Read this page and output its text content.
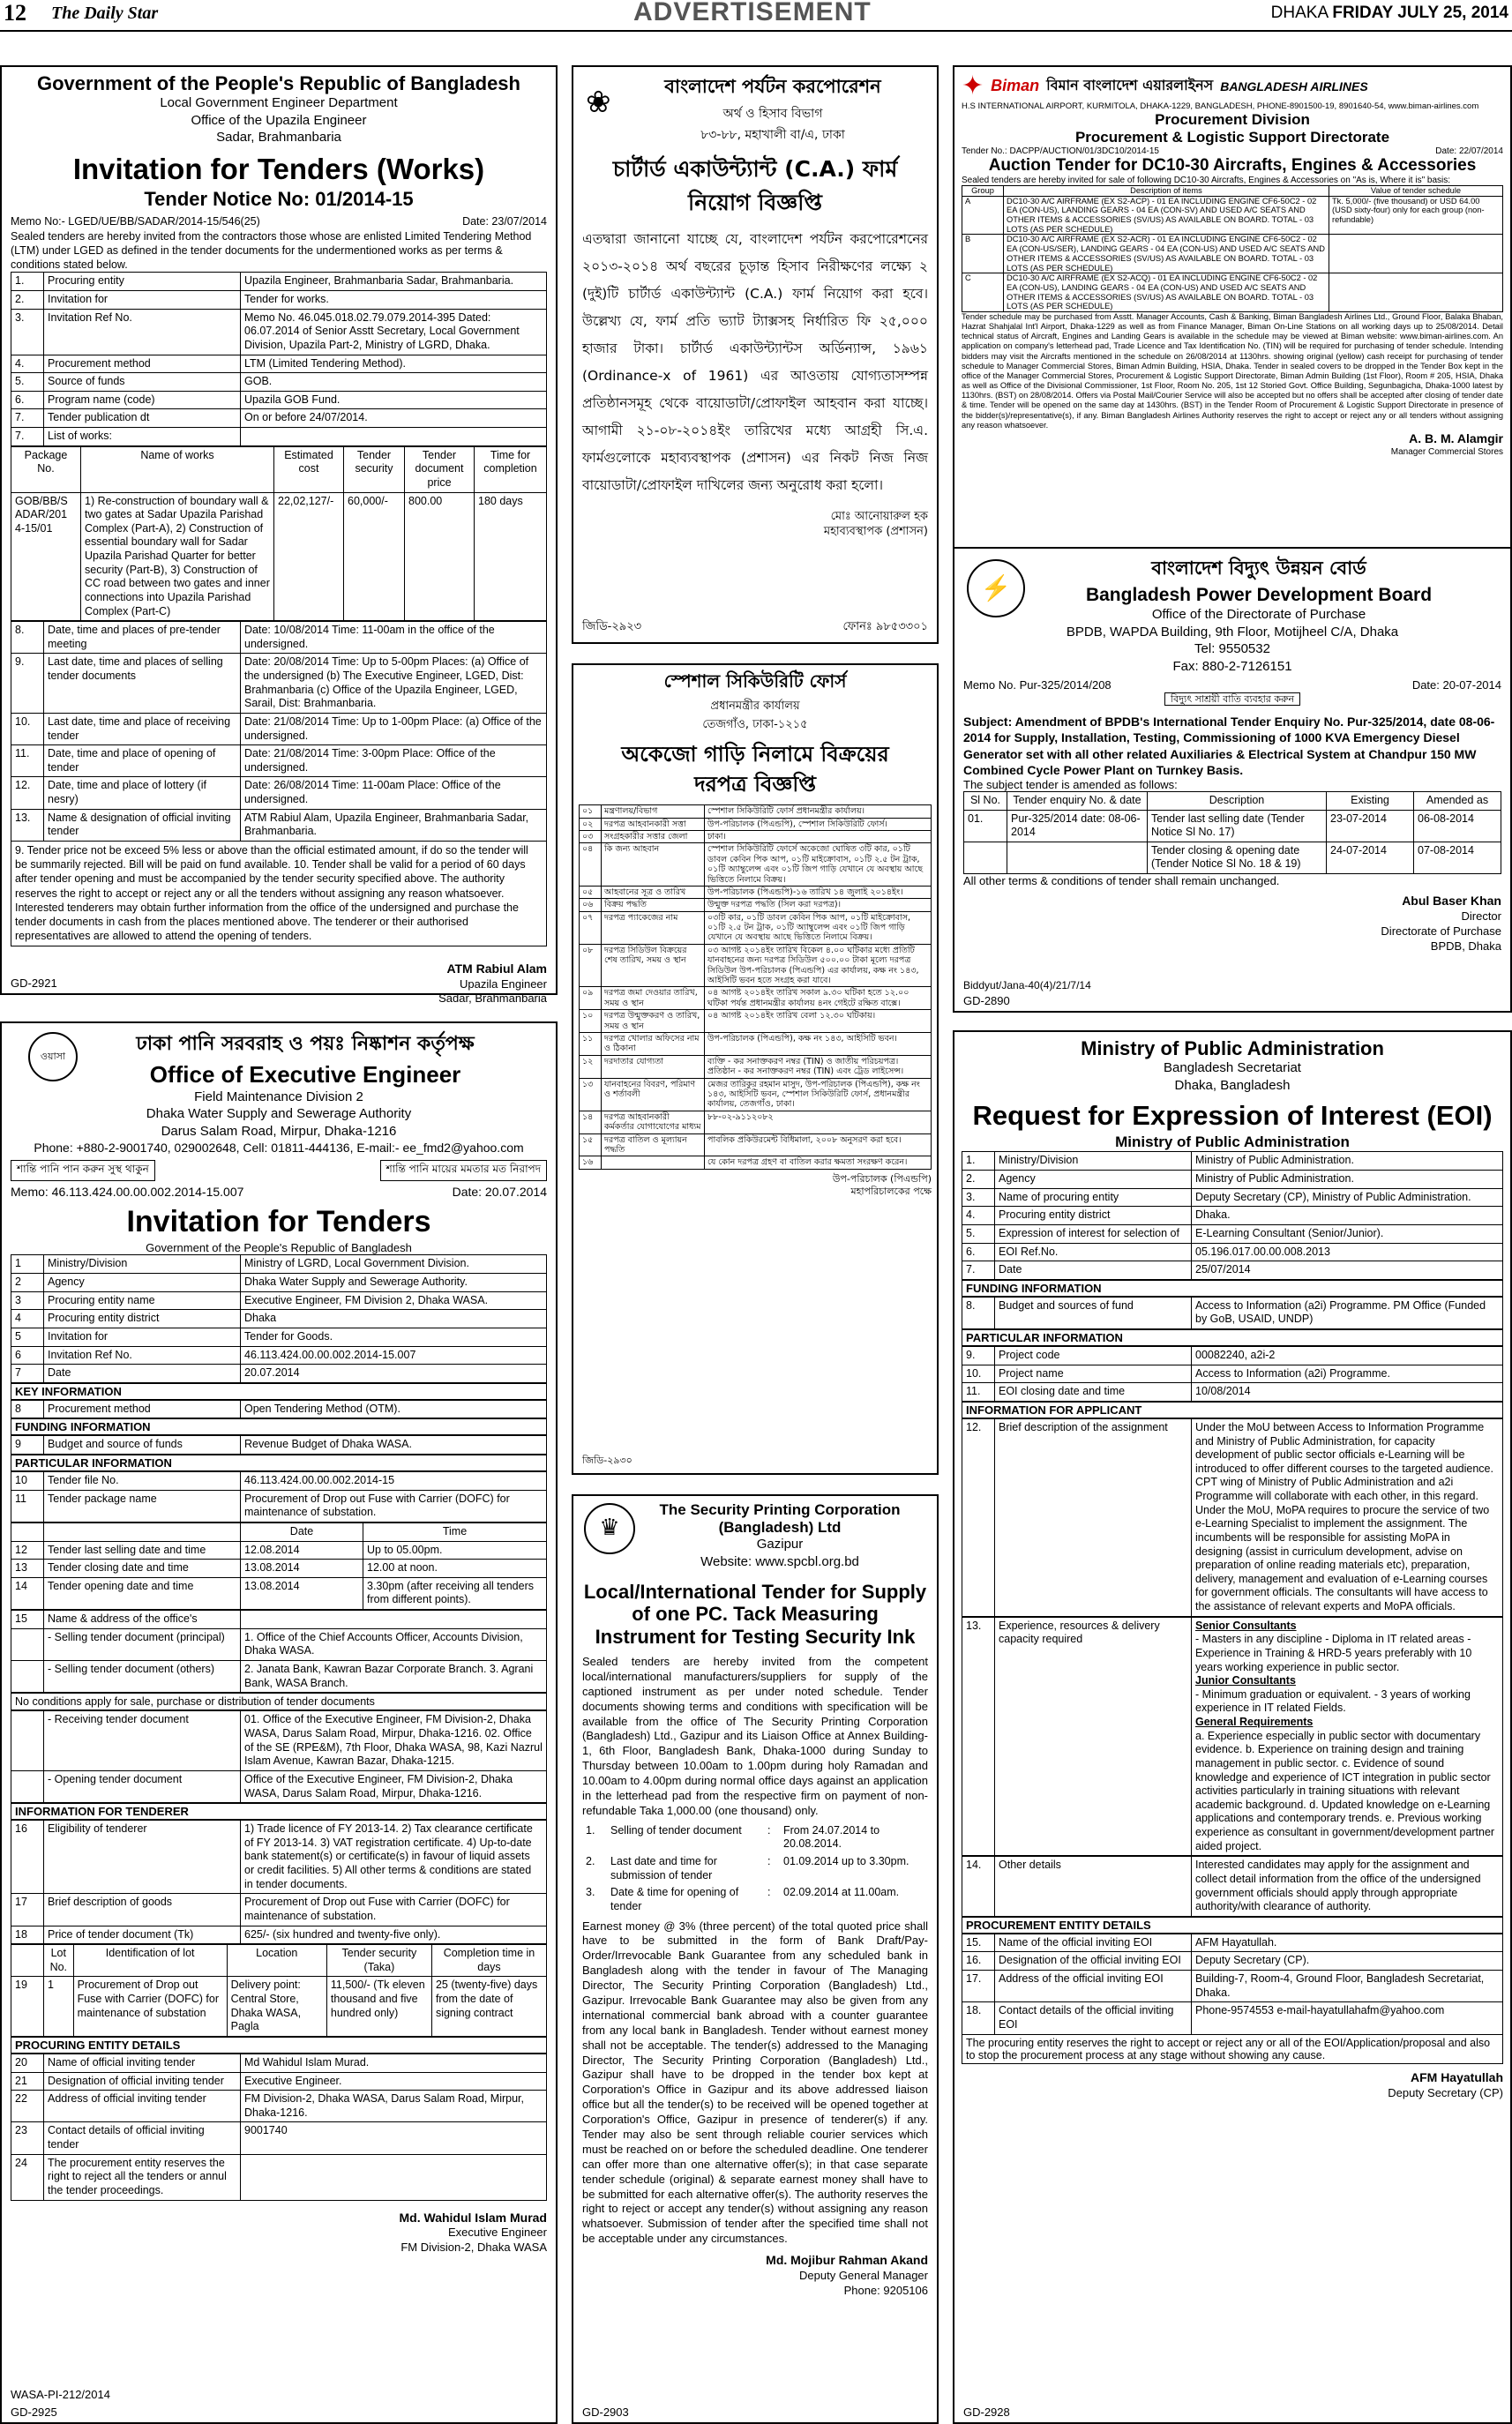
12 The Daily Star	ADVERTISEMENT	DHAKA FRIDAY JULY 25, 2014
Government of the People's Republic of Bangladesh
Local Government Engineer Department
Office of the Upazila Engineer
Sadar, Brahmanbaria
Invitation for Tenders (Works)
Tender Notice No: 01/2014-15
Memo No:- LGED/UE/BB/SADAR/2014-15/546(25)	Date: 23/07/2014
Sealed tenders are hereby invited from the contractors those whose are enlisted Limited Tendering Method (LTM) under LGED as defined in the tender documents for the undermentioned works as per terms & conditions stated below.
1.	Procuring entity	Upazila Engineer, Brahmanbaria Sadar, Brahmanbaria.
2.	Invitation for	Tender for works.
3.	Invitation Ref No.	Memo No. 46.045.018.02.79.079.2014-395 Dated: 06.07.2014 of Senior Asstt Secretary, Local Government Division, Upazila Part-2, Ministry of LGRD, Dhaka.
4.	Procurement method	LTM (Limited Tendering Method).
5.	Source of funds	GOB.
6.	Program name (code)	Upazila GOB Fund.
7.	Tender publication dt	On or before 24/07/2014.
7.	List of works:	
Package No.	Name of works	Estimated cost	Tender security	Tender document price	Time for completion
GOB/BB/S ADAR/201 4-15/01	1) Re-construction of boundary wall & two gates at Sadar Upazila Parishad Complex (Part-A), 2) Construction of essential boundary wall for Sadar Upazila Parishad Quarter for better security (Part-B), 3) Construction of CC road between two gates and inner connections into Upazila Parishad Complex (Part-C)	22,02,127/-	60,000/-	800.00	180 days
8.	Date, time and places of pre-tender meeting	Date: 10/08/2014 Time: 11-00am in the office of the undersigned.
9.	Last date, time and places of selling tender documents	Date: 20/08/2014 Time: Up to 5-00pm Places: (a) Office of the undersigned (b) The Executive Engineer, LGED, Dist: Brahmanbaria (c) Office of the Upazila Engineer, LGED, Sarail, Dist: Brahmanbaria.
10.	Last date, time and place of receiving tender	Date: 21/08/2014 Time: Up to 1-00pm Place: (a) Office of the undersigned.
11.	Date, time and place of opening of tender	Date: 21/08/2014 Time: 3-00pm Place: Office of the undersigned.
12.	Date, time and place of lottery (if nesry)	Date: 26/08/2014 Time: 11-00am Place: Office of the undersigned.
13.	Name & designation of official inviting tender	ATM Rabiul Alam, Upazila Engineer, Brahmanbaria Sadar, Brahmanbaria.
9. Tender price not be exceed 5% less or above than the official estimated amount, if do so the tender will be summarily rejected. Bill will be paid on fund available. 10. Tender shall be valid for a period of 60 days after tender opening and must be accompanied by the tender security specified above. The authority reserves the right to accept or reject any or all the tenders without assigning any reason whatsoever. Interested tenderers may obtain further information from the office of the undersigned and purchase the tender documents in cash from the places mentioned above. The tenderer or their authorised representatives are allowed to attend the opening of tenders.
ATM Rabiul Alam
Upazila Engineer
Sadar, Brahmanbaria
GD-2921
ওয়াসা
ঢাকা পানি সরবরাহ ও পয়ঃ নিষ্কাশন কর্তৃপক্ষ
Office of Executive Engineer
Field Maintenance Division 2
Dhaka Water Supply and Sewerage Authority
Darus Salam Road, Mirpur, Dhaka-1216
Phone: +880-2-9001740, 029002648, Cell: 01811-444136, E-mail:- ee_fmd2@yahoo.com
শান্তি পানি পান করুন সুস্থ থাকুন	শান্তি পানি মায়ের মমতার মত নিরাপদ
Memo: 46.113.424.00.00.002.2014-15.007	Date: 20.07.2014
Invitation for Tenders
Government of the People's Republic of Bangladesh
1	Ministry/Division	Ministry of LGRD, Local Government Division.
2	Agency	Dhaka Water Supply and Sewerage Authority.
3	Procuring entity name	Executive Engineer, FM Division 2, Dhaka WASA.
4	Procuring entity district	Dhaka
5	Invitation for	Tender for Goods.
6	Invitation Ref No.	46.113.424.00.00.002.2014-15.007
7	Date	20.07.2014
KEY INFORMATION
8	Procurement method	Open Tendering Method (OTM).
FUNDING INFORMATION
9	Budget and source of funds	Revenue Budget of Dhaka WASA.
PARTICULAR INFORMATION
10	Tender file No.	46.113.424.00.00.002.2014-15
11	Tender package name	Procurement of Drop out Fuse with Carrier (DOFC) for maintenance of substation.
		Date	Time
12	Tender last selling date and time	12.08.2014	Up to 05.00pm.
13	Tender closing date and time	13.08.2014	12.00 at noon.
14	Tender opening date and time	13.08.2014	3.30pm (after receiving all tenders from different points).
15	Name & address of the office's	
	- Selling tender document (principal)	1. Office of the Chief Accounts Officer, Accounts Division, Dhaka WASA.
	- Selling tender document (others)	2. Janata Bank, Kawran Bazar Corporate Branch. 3. Agrani Bank, WASA Branch.
No conditions apply for sale, purchase or distribution of tender documents
	- Receiving tender document	01. Office of the Executive Engineer, FM Division-2, Dhaka WASA, Darus Salam Road, Mirpur, Dhaka-1216. 02. Office of the SE (RPE&M), 7th Floor, Dhaka WASA, 98, Kazi Nazrul Islam Avenue, Kawran Bazar, Dhaka-1215.
	- Opening tender document	Office of the Executive Engineer, FM Division-2, Dhaka WASA, Darus Salam Road, Mirpur, Dhaka-1216.
INFORMATION FOR TENDERER
16	Eligibility of tenderer	1) Trade licence of FY 2013-14. 2) Tax clearance certificate of FY 2013-14. 3) VAT registration certificate. 4) Up-to-date bank statement(s) or certificate(s) in favour of liquid assets or credit facilities. 5) All other terms & conditions are stated in tender documents.
17	Brief description of goods	Procurement of Drop out Fuse with Carrier (DOFC) for maintenance of substation.
18	Price of tender document (Tk)	625/- (six hundred and twenty-five only).
	Lot No.	Identification of lot	Location	Tender security (Taka)	Completion time in days
19	1	Procurement of Drop out Fuse with Carrier (DOFC) for maintenance of substation	Delivery point: Central Store, Dhaka WASA, Pagla	11,500/- (Tk eleven thousand and five hundred only)	25 (twenty-five) days from the date of signing contract
PROCURING ENTITY DETAILS
20	Name of official inviting tender	Md Wahidul Islam Murad.
21	Designation of official inviting tender	Executive Engineer.
22	Address of official inviting tender	FM Division-2, Dhaka WASA, Darus Salam Road, Mirpur, Dhaka-1216.
23	Contact details of official inviting tender	9001740
24	The procurement entity reserves the right to reject all the tenders or annul the tender proceedings.	
Md. Wahidul Islam Murad
Executive Engineer
FM Division-2, Dhaka WASA
WASA-PI-212/2014
GD-2925
❀	বাংলাদেশ পর্যটন করপোরেশন
অর্থ ও হিসাব বিভাগ
৮৩-৮৮, মহাখালী বা/এ, ঢাকা
চার্টার্ড একাউন্ট্যান্ট (C.A.) ফার্ম নিয়োগ বিজ্ঞপ্তি
এতদ্বারা জানানো যাচ্ছে যে, বাংলাদেশ পর্যটন করপোরেশনের ২০১৩-২০১৪ অর্থ বছরের চূড়ান্ত হিসাব নিরীক্ষণের লক্ষ্যে ২ (দুই)টি চার্টার্ড একাউন্ট্যান্ট (C.A.) ফার্ম নিয়োগ করা হবে। উল্লেখ্য যে, ফার্ম প্রতি ভ্যাট ট্যাক্সসহ নির্ধারিত ফি ২৫,০০০ হাজার টাকা। চার্টার্ড একাউন্ট্যান্টস অর্ডিন্যান্স, ১৯৬১ (Ordinance-x of 1961) এর আওতায় যোগ্যতাসম্পন্ন প্রতিষ্ঠানসমূহ থেকে বায়োডাটা/প্রোফাইল আহবান করা যাচ্ছে। আগামী ২১-০৮-২০১৪ইং তারিখের মধ্যে আগ্রহী সি.এ. ফার্মগুলোকে মহাব্যবস্থাপক (প্রশাসন) এর নিকট নিজ নিজ বায়োডাটা/প্রোফাইল দাখিলের জন্য অনুরোধ করা হলো।
মোঃ আনোয়ারুল হক
মহাব্যবস্থাপক (প্রশাসন)
জিডি-২৯২৩	ফোনঃ ৯৮৫৩৩০১
স্পেশাল সিকিউরিটি ফোর্স
প্রধানমন্ত্রীর কার্যালয়
তেজগাঁও, ঢাকা-১২১৫
অকেজো গাড়ি নিলামে বিক্রয়ের দরপত্র বিজ্ঞপ্তি
০১	মন্ত্রণালয়/বিভাগ	স্পেশাল সিকিউরিটি ফোর্স প্রধানমন্ত্রীর কার্যালয়।
০২	দরপত্র আহবানকারী সত্তা	উপ-পরিচালক (পিএন্ডপি), স্পেশাল সিকিউরিটি ফোর্স।
০৩	সংগ্রহকারীর সত্তার জেলা	ঢাকা।
০৪	কি জন্য আহবান	স্পেশাল সিকিউরিটি ফোর্সে অকেজো ঘোষিত ৩টি কার, ০১টি ডাবল কেবিন পিক আপ, ০১টি মাইক্রোবাস, ০১টি ২.৫ টন ট্রাক, ০১টি অ্যাম্বুলেন্স এবং ০১টি জিপ গাড়ি যেখানে যে অবস্থায় আছে ভিত্তিতে নিলামে বিক্রয়।
০৫	আহবানের সূত্র ও তারিখ	উপ-পরিচালক (পিএন্ডপি)-১৬ তারিখ ১৪ জুলাই ২০১৪ইং।
০৬	বিক্রয় পদ্ধতি	উন্মুক্ত দরপত্র পদ্ধতি (সিল করা দরপত্র)।
০৭	দরপত্র প্যাকেজের নাম	০৩টি কার, ০১টি ডাবল কেবিন পিক আপ, ০১টি মাইক্রোবাস, ০১টি ২.৫ টন ট্রাক, ০১টি অ্যাম্বুলেন্স এবং ০১টি জিপ গাড়ি যেখানে যে অবস্থায় আছে ভিত্তিতে নিলামে বিক্রয়।
০৮	দরপত্র সিডিউল বিক্রয়ের শেষ তারিখ, সময় ও স্থান	০৩ আগষ্ট ২০১৪ইং তারিখ বিকেল ৪.০০ ঘটিকার মধ্যে প্রতিটি যানবাহনের জন্য দরপত্র সিডিউল ৫০০.০০ টাকা মূল্যে দরপত্র সিডিউল উপ-পরিচালক (পিএন্ডপি) এর কার্যালয়, কক্ষ নং ১৪৩, আইসিটি ভবন হতে সংগ্রহ করা যাবে।
০৯	দরপত্র জমা দেওয়ার তারিখ, সময় ও স্থান	০৪ আগষ্ট ২০১৪ইং তারিখ সকাল ৯.৩০ ঘটিকা হতে ১২.০০ ঘটিকা পর্যন্ত প্রধানমন্ত্রীর কার্যালয় ৪নং গেইটে রক্ষিত বাক্সে।
১০	দরপত্র উন্মুক্তকরণ ও তারিখ, সময় ও স্থান	০৪ আগষ্ট ২০১৪ইং তারিখ বেলা ১২.৩০ ঘটিকায়।
১১	দরপত্র খোলার অফিসের নাম ও ঠিকানা	উপ-পরিচালক (পিএন্ডপি), কক্ষ নং ১৪৩, আইসিটি ভবন।
১২	দরদাতার যোগ্যতা	ব্যক্তি - কর সনাক্তকরণ নম্বর (TIN) ও জাতীয় পরিচয়পত্র। প্রতিষ্ঠান - কর সনাক্তকরণ নম্বর (TIN) এবং ট্রেড লাইসেন্স।
১৩	যানবাহনের বিবরণ, পরিমাণ ও শর্তাবলী	মেজর তারিকুর রহমান মাসুদ, উপ-পরিচালক (পিএন্ডপি), কক্ষ নং ১৪৩, আইসিটি ভবন, স্পেশাল সিকিউরিটি ফোর্স, প্রধানমন্ত্রীর কার্যালয়, তেজগাঁও, ঢাকা।
১৪	দরপত্র আহবানকারী কর্মকর্তার যোগাযোগের মাধ্যম	৮৮-০২-৯১১২০৮২
১৫	দরপত্র বাতিল ও মূল্যায়ন পদ্ধতি	পাবলিক প্রকিউরমেন্ট বিধিমালা, ২০০৮ অনুসরণ করা হবে।
১৬		যে কোন দরপত্র গ্রহণ বা বাতিল করার ক্ষমতা সংরক্ষণ করেন।
উপ-পরিচালক (পিএন্ডপি)
মহাপরিচালকের পক্ষে
জিডি-২৯৩০
♛
The Security Printing Corporation (Bangladesh) Ltd
Gazipur
Website: www.spcbl.org.bd
Local/International Tender for Supply of one PC. Tack Measuring Instrument for Testing Security Ink
Sealed tenders are hereby invited from the competent local/international manufacturers/suppliers for supply of the captioned instrument as per under noted schedule. Tender documents showing terms and conditions with specification will be available from the office of The Security Printing Corporation (Bangladesh) Ltd., Gazipur and its Liaison Office at Annex Building-1, 6th Floor, Bangladesh Bank, Dhaka-1000 during Sunday to Thursday between 10.00am to 1.00pm during holy Ramadan and 10.00am to 4.00pm during normal office days against an application in the letterhead pad from the respective firm on payment of non-refundable Taka 1,000.00 (one thousand) only.
1.	Selling of tender document	:	From 24.07.2014 to 20.08.2014.
2.	Last date and time for submission of tender	:	01.09.2014 up to 3.30pm.
3.	Date & time for opening of tender	:	02.09.2014 at 11.00am.
Earnest money @ 3% (three percent) of the total quoted price shall have to be submitted in the form of Bank Draft/Pay-Order/Irrevocable Bank Guarantee from any scheduled bank in Bangladesh along with the tender in favour of The Managing Director, The Security Printing Corporation (Bangladesh) Ltd., Gazipur. Irrevocable Bank Guarantee may also be given from any international commercial bank abroad with a counter guarantee from any local bank in Bangladesh. Tender without earnest money shall not be acceptable. The tender(s) addressed to the Managing Director, The Security Printing Corporation (Bangladesh) Ltd., Gazipur shall have to be dropped in the tender box kept at Corporation's Office in Gazipur and its above addressed liaison office but all the tender(s) to be received will be opened together at Corporation's Office, Gazipur in presence of tenderer(s) if any. Tender may also be sent through reliable courier services which must be reached on or before the scheduled deadline. One tenderer can offer more than one alternative offer(s); in that case separate tender schedule (original) & separate earnest money shall have to be submitted for each alternative offer(s). The authority reserves the right to reject or accept any tender(s) without assigning any reason whatsoever. Submission of tender after the specified time shall not be acceptable under any circumstances.
Md. Mojibur Rahman Akand
Deputy General Manager
Phone: 9205106
GD-2903
✦ Biman বিমান বাংলাদেশ এয়ারলাইনস BANGLADESH AIRLINES
H.S INTERNATIONAL AIRPORT, KURMITOLA, DHAKA-1229, BANGLADESH, PHONE-8901500-19, 8901640-54, www.biman-airlines.com
Procurement Division
Procurement & Logistic Support Directorate
Tender No.: DACPP/AUCTION/01/3DC10/2014-15	Date: 22/07/2014
Auction Tender for DC10-30 Aircrafts, Engines & Accessories
Sealed tenders are hereby invited for sale of following DC10-30 Aircrafts, Engines & Accessories on "As is, Where it is" basis:
Group	Description of items	Value of tender schedule
A	DC10-30 A/C AIRFRAME (EX S2-ACP) - 01 EA INCLUDING ENGINE CF6-50C2 - 02 EA (CON-US), LANDING GEARS - 04 EA (CON-SV) AND USED A/C SEATS AND OTHER ITEMS & ACCESSORIES (SV/US) AS AVAILABLE ON BOARD. TOTAL - 03 LOTS (AS PER SCHEDULE)	Tk. 5,000/- (five thousand) or USD 64.00 (USD sixty-four) only for each group (non-refundable)
B	DC10-30 A/C AIRFRAME (EX S2-ACR) - 01 EA INCLUDING ENGINE CF6-50C2 - 02 EA (CON-US/SER), LANDING GEARS - 04 EA (CON-US) AND USED A/C SEATS AND OTHER ITEMS & ACCESSORIES (SV/US) AS AVAILABLE ON BOARD. TOTAL - 03 LOTS (AS PER SCHEDULE)	
C	DC10-30 A/C AIRFRAME (EX S2-ACQ) - 01 EA INCLUDING ENGINE CF6-50C2 - 02 EA (CON-US), LANDING GEARS - 04 EA (CON-US) AND USED A/C SEATS AND OTHER ITEMS & ACCESSORIES (SV/US) AS AVAILABLE ON BOARD. TOTAL - 03 LOTS (AS PER SCHEDULE)	
Tender schedule may be purchased from Asstt. Manager Accounts, Cash & Banking, Biman Bangladesh Airlines Ltd., Ground Floor, Balaka Bhaban, Hazrat Shahjalal Int'l Airport, Dhaka-1229 as well as from Finance Manager, Biman On-Line Stations on all working days up to 25/08/2014. Detail technical status of Aircraft, Engines and Landing Gears is available in the schedule may be viewed at Biman website: www.biman-airlines.com. An application on company's letterhead pad, Trade Licence and Tax Identification No. (TIN) will be required for purchasing of tender schedule. Intending bidders may visit the Aircrafts mentioned in the schedule on 26/08/2014 at 1130hrs. showing original (yellow) cash receipt for purchasing of tender schedule to Manager Commercial Stores, Biman Admin Building, HSIA, Dhaka. Tender in sealed covers to be dropped in the Tender Box kept in the office of the Manager Commercial Stores, Procurement & Logistic Support Directorate, Biman Admin Building (1st Floor), Room # 205, HSIA, Dhaka as well as Office of the Divisional Commissioner, 1st Floor, Room No. 205, 1st 12 Storied Govt. Office Building, Segunbagicha, Dhaka-1000 latest by 1130hrs. (BST) on 28/08/2014. Offers via Postal Mail/Courier Service will also be accepted but no offers shall be accepted after closing of tender date & time. Tender will be opened on the same day at 1430hrs. (BST) in the Tender Room of Procurement & Logistic Support Directorate in presence of the bidder(s)/representative(s), if any. Biman Bangladesh Airlines Authority reserves the right to accept or reject any or all tenders without assigning any reason whatsoever.
A. B. M. Alamgir
Manager Commercial Stores
⚡
বাংলাদেশ বিদ্যুৎ উন্নয়ন বোর্ড
Bangladesh Power Development Board
Office of the Directorate of Purchase
BPDB, WAPDA Building, 9th Floor, Motijheel C/A, Dhaka
Tel: 9550532
Fax: 880-2-7126151
Memo No. Pur-325/2014/208	Date: 20-07-2014
বিদ্যুৎ সাশ্রয়ী বাতি ব্যবহার করুন
Subject: Amendment of BPDB's International Tender Enquiry No. Pur-325/2014, date 08-06-2014 for Supply, Installation, Testing, Commissioning of 1000 KVA Emergency Diesel Generator set with all other related Auxiliaries & Electrical System at Chandpur 150 MW Combined Cycle Power Plant on Turnkey Basis.
The subject tender is amended as follows:
Sl No.	Tender enquiry No. & date	Description	Existing	Amended as
01.	Pur-325/2014 date: 08-06-2014	Tender last selling date (Tender Notice Sl No. 17)	23-07-2014	06-08-2014
		Tender closing & opening date (Tender Notice Sl No. 18 & 19)	24-07-2014	07-08-2014
All other terms & conditions of tender shall remain unchanged.
Abul Baser Khan
Director
Directorate of Purchase
BPDB, Dhaka
Biddyut/Jana-40(4)/21/7/14
GD-2890
Ministry of Public Administration
Bangladesh Secretariat
Dhaka, Bangladesh
Request for Expression of Interest (EOI)
Ministry of Public Administration
1.	Ministry/Division	Ministry of Public Administration.
2.	Agency	Ministry of Public Administration.
3.	Name of procuring entity	Deputy Secretary (CP), Ministry of Public Administration.
4.	Procuring entity district	Dhaka.
5.	Expression of interest for selection of	E-Learning Consultant (Senior/Junior).
6.	EOI Ref.No.	05.196.017.00.00.008.2013
7.	Date	25/07/2014
FUNDING INFORMATION
8.	Budget and sources of fund	Access to Information (a2i) Programme. PM Office (Funded by GoB, USAID, UNDP)
PARTICULAR INFORMATION
9.	Project code	00082240, a2i-2
10.	Project name	Access to Information (a2i) Programme.
11.	EOI closing date and time	10/08/2014
INFORMATION FOR APPLICANT
12.	Brief description of the assignment	Under the MoU between Access to Information Programme and Ministry of Public Administration, for capacity development of public sector officials e-Learning will be introduced to offer different courses to the targeted audience. CPT wing of Ministry of Public Administration and a2i Programme will collaborate with each other, in this regard. Under the MoU, MoPA requires to procure the service of two e-Learning Specialist to implement the assignment. The incumbents will be responsible for assisting MoPA in designing (assist in curriculum development, advise on preparation of online reading materials etc), preparation, delivery, management and evaluation of e-Learning courses for government officials. The consultants will have access to the assistance of relevant experts and MoPA officials.
13.	Experience, resources & delivery capacity required	Senior Consultants
- Masters in any discipline - Diploma in IT related areas - Experience in Training & HRD-5 years preferably with 10 years working experience in public sector.
Junior Consultants
- Minimum graduation or equivalent. - 3 years of working experience in IT related Fields.
General Requirements
a. Experience especially in public sector with documentary evidence. b. Experience on training design and training management in public sector. c. Evidence of sound knowledge and experience of ICT integration in public sector activities particularly in training situations with relevant academic background. d. Updated knowledge on e-Learning applications and contemporary trends. e. Previous working experience as consultant in government/development partner aided project.
14.	Other details	Interested candidates may apply for the assignment and collect detail information from the office of the undersigned government officials should apply through appropriate authority/with clearance of authority.
PROCUREMENT ENTITY DETAILS
15.	Name of the official inviting EOI	AFM Hayatullah.
16.	Designation of the official inviting EOI	Deputy Secretary (CP).
17.	Address of the official inviting EOI	Building-7, Room-4, Ground Floor, Bangladesh Secretariat, Dhaka.
18.	Contact details of the official inviting EOI	Phone-9574553 e-mail-hayatullahafm@yahoo.com
The procuring entity reserves the right to accept or reject any or all of the EOI/Application/proposal and also to stop the procurement process at any stage without showing any cause.
AFM Hayatullah
Deputy Secretary (CP)
GD-2928
